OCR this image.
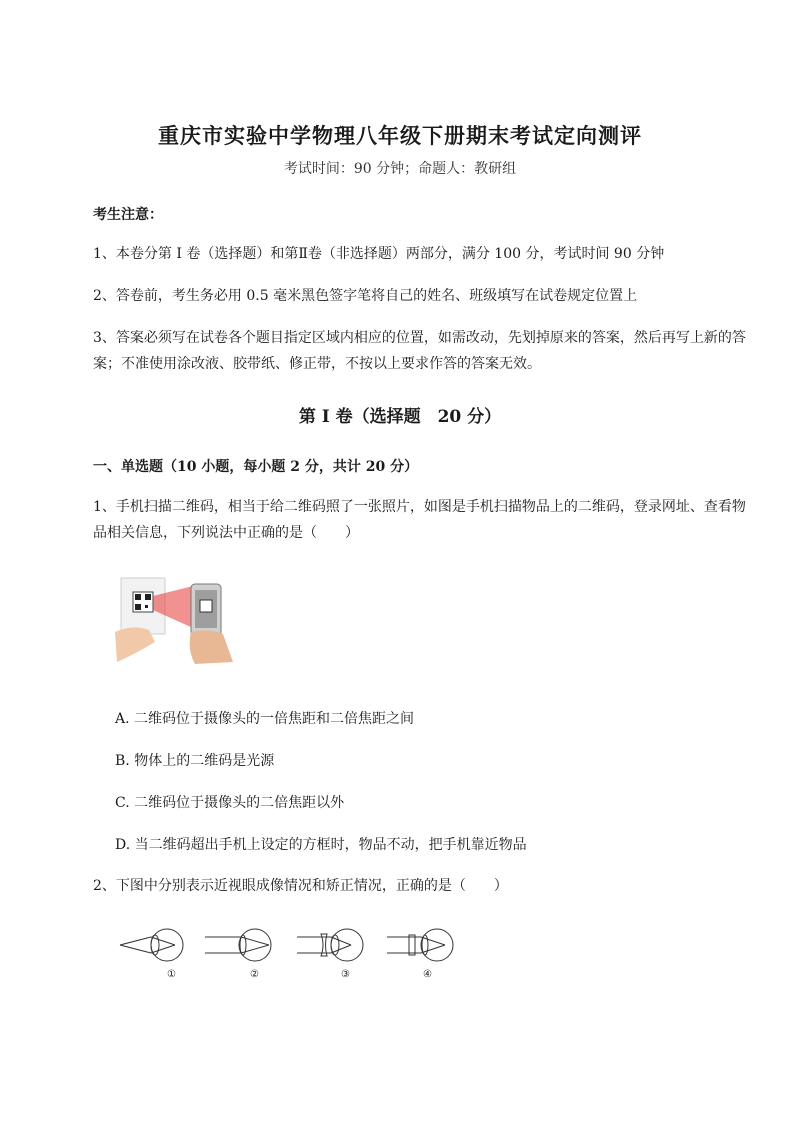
重庆市实验中学物理八年级下册期末考试定向测评
考试时间：90 分钟；命题人：教研组
考生注意：
1、本卷分第 I 卷（选择题）和第Ⅱ卷（非选择题）两部分，满分 100 分，考试时间 90 分钟
2、答卷前，考生务必用 0.5 毫米黑色签字笔将自己的姓名、班级填写在试卷规定位置上
3、答案必须写在试卷各个题目指定区域内相应的位置，如需改动，先划掉原来的答案，然后再写上新的答案；不准使用涂改液、胶带纸、修正带，不按以上要求作答的答案无效。
第 I 卷（选择题　20 分）
一、单选题（10 小题，每小题 2 分，共计 20 分）
1、手机扫描二维码，相当于给二维码照了一张照片，如图是手机扫描物品上的二维码，登录网址、查看物品相关信息，下列说法中正确的是（　　）
A. 二维码位于摄像头的一倍焦距和二倍焦距之间
B. 物体上的二维码是光源
C. 二维码位于摄像头的二倍焦距以外
D. 当二维码超出手机上设定的方框时，物品不动，把手机靠近物品
2、下图中分别表示近视眼成像情况和矫正情况，正确的是（　　）
①	②	③	④
